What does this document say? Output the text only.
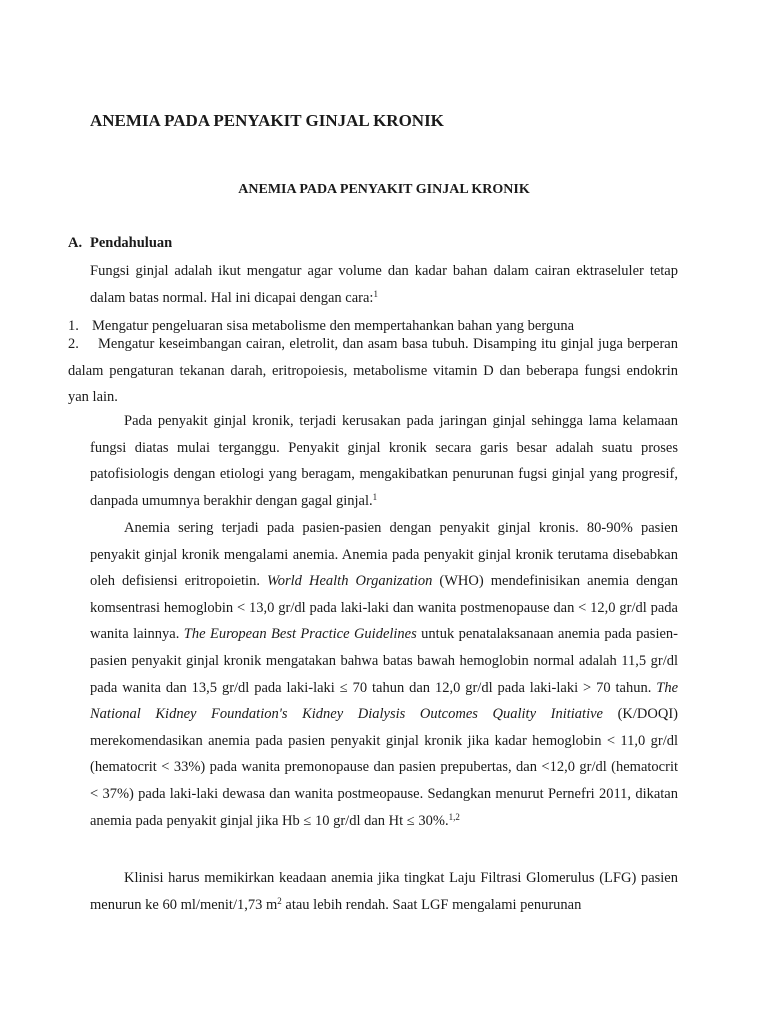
ANEMIA PADA PENYAKIT GINJAL KRONIK
ANEMIA PADA PENYAKIT GINJAL KRONIK
A. Pendahuluan

Fungsi ginjal adalah ikut mengatur agar volume dan kadar bahan dalam cairan ektraseluler tetap dalam batas normal. Hal ini dicapai dengan cara:$^1$

1. Mengatur pengeluaran sisa metabolisme den mempertahankan bahan yang berguna

2. Mengatur keseimbangan cairan, eletrolit, dan asam basa tubuh. Disamping itu ginjal juga berperan dalam pengaturan tekanan darah, eritropoiesis, metabolisme vitamin D dan beberapa fungsi endokrin yan lain.

Pada penyakit ginjal kronik, terjadi kerusakan pada jaringan ginjal sehingga lama kelamaan fungsi diatas mulai terganggu. Penyakit ginjal kronik secara garis besar adalah suatu proses patofisiologis dengan etiologi yang beragam, mengakibatkan penurunan fugsi ginjal yang progresif, danpada umumnya berakhir dengan gagal ginjal.$^1$

Anemia sering terjadi pada pasien-pasien dengan penyakit ginjal kronis. 80-90% pasien penyakit ginjal kronik mengalami anemia. Anemia pada penyakit ginjal kronik terutama disebabkan oleh defisiensi eritropoietin. World Health Organization (WHO) mendefinisikan anemia dengan komsentrasi hemoglobin < 13,0 gr/dl pada laki-laki dan wanita postmenopause dan < 12,0 gr/dl pada wanita lainnya. The European Best Practice Guidelines untuk penatalaksanaan anemia pada pasien-pasien penyakit ginjal kronik mengatakan bahwa batas bawah hemoglobin normal adalah 11,5 gr/dl pada wanita dan 13,5 gr/dl pada laki-laki ≤ 70 tahun dan 12,0 gr/dl pada laki-laki > 70 tahun. The National Kidney Foundation's Kidney Dialysis Outcomes Quality Initiative (K/DOQI) merekomendasikan anemia pada pasien penyakit ginjal kronik jika kadar hemoglobin < 11,0 gr/dl (hematocrit < 33%) pada wanita premonopause dan pasien prepubertas, dan <12,0 gr/dl (hematocrit < 37%) pada laki-laki dewasa dan wanita postmeopause. Sedangkan menurut Pernefri 2011, dikatan anemia pada penyakit ginjal jika Hb ≤ 10 gr/dl dan Ht ≤ 30%.$^{1,2}$

Klinisi harus memikirkan keadaan anemia jika tingkat Laju Filtrasi Glomerulus (LFG) pasien menurun ke 60 ml/menit/1,73 $m^2$ atau lebih rendah. Saat LGF mengalami penurunan
